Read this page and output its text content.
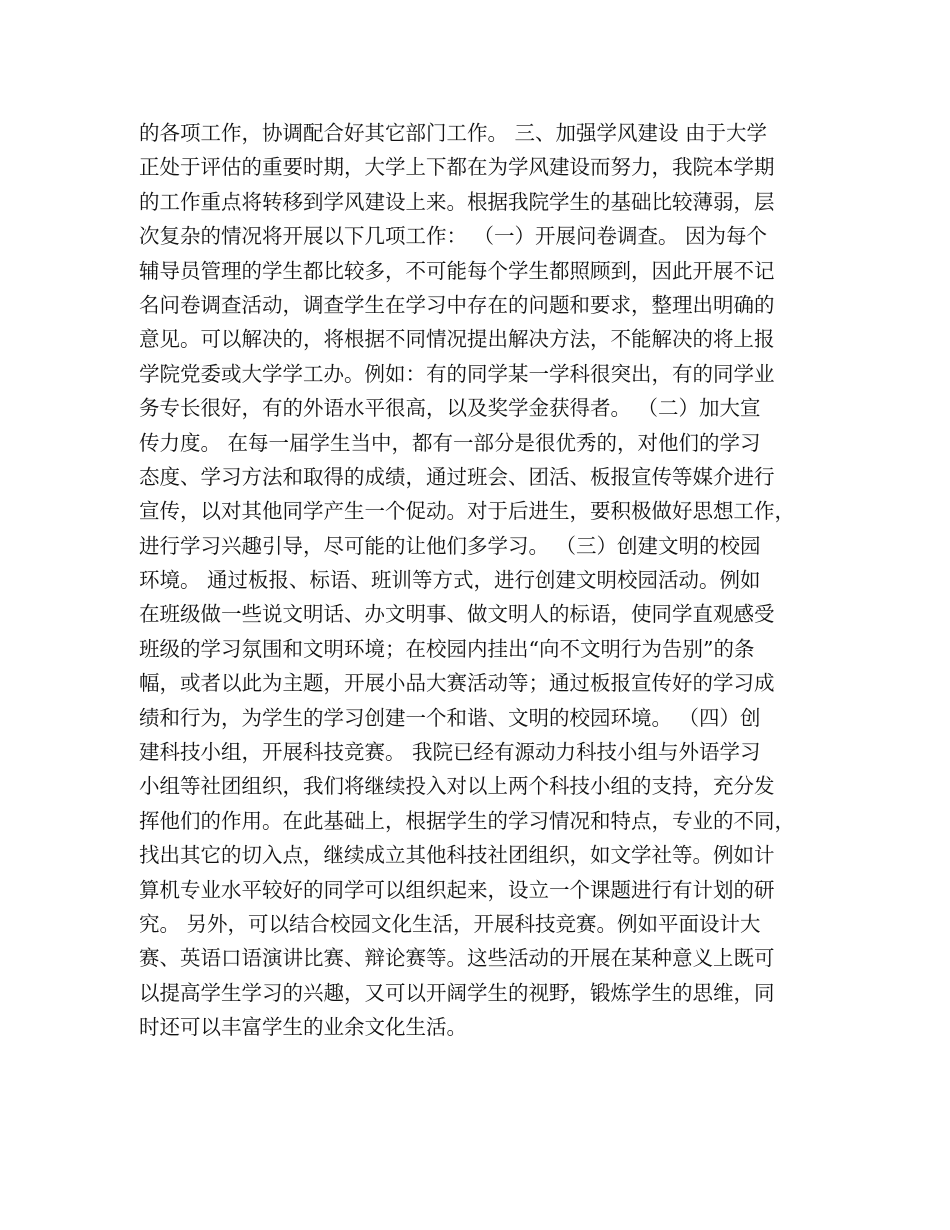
的各项工作，协调配合好其它部门工作。 三、加强学风建设 由于大学
正处于评估的重要时期，大学上下都在为学风建设而努力，我院本学期
的工作重点将转移到学风建设上来。根据我院学生的基础比较薄弱，层
次复杂的情况将开展以下几项工作： （一）开展问卷调查。 因为每个
辅导员管理的学生都比较多，不可能每个学生都照顾到，因此开展不记
名问卷调查活动，调查学生在学习中存在的问题和要求，整理出明确的
意见。可以解决的，将根据不同情况提出解决方法，不能解决的将上报
学院党委或大学学工办。例如：有的同学某一学科很突出，有的同学业
务专长很好，有的外语水平很高，以及奖学金获得者。 （二）加大宣
传力度。 在每一届学生当中，都有一部分是很优秀的，对他们的学习
态度、学习方法和取得的成绩，通过班会、团活、板报宣传等媒介进行
宣传，以对其他同学产生一个促动。对于后进生，要积极做好思想工作，
进行学习兴趣引导，尽可能的让他们多学习。 （三）创建文明的校园
环境。 通过板报、标语、班训等方式，进行创建文明校园活动。例如
在班级做一些说文明话、办文明事、做文明人的标语，使同学直观感受
班级的学习氛围和文明环境；在校园内挂出“向不文明行为告别”的条
幅，或者以此为主题，开展小品大赛活动等；通过板报宣传好的学习成
绩和行为，为学生的学习创建一个和谐、文明的校园环境。 （四）创
建科技小组，开展科技竞赛。 我院已经有源动力科技小组与外语学习
小组等社团组织，我们将继续投入对以上两个科技小组的支持，充分发
挥他们的作用。在此基础上，根据学生的学习情况和特点，专业的不同，
找出其它的切入点，继续成立其他科技社团组织，如文学社等。例如计
算机专业水平较好的同学可以组织起来，设立一个课题进行有计划的研
究。 另外，可以结合校园文化生活，开展科技竞赛。例如平面设计大
赛、英语口语演讲比赛、辩论赛等。这些活动的开展在某种意义上既可
以提高学生学习的兴趣，又可以开阔学生的视野，锻炼学生的思维，同
时还可以丰富学生的业余文化生活。
